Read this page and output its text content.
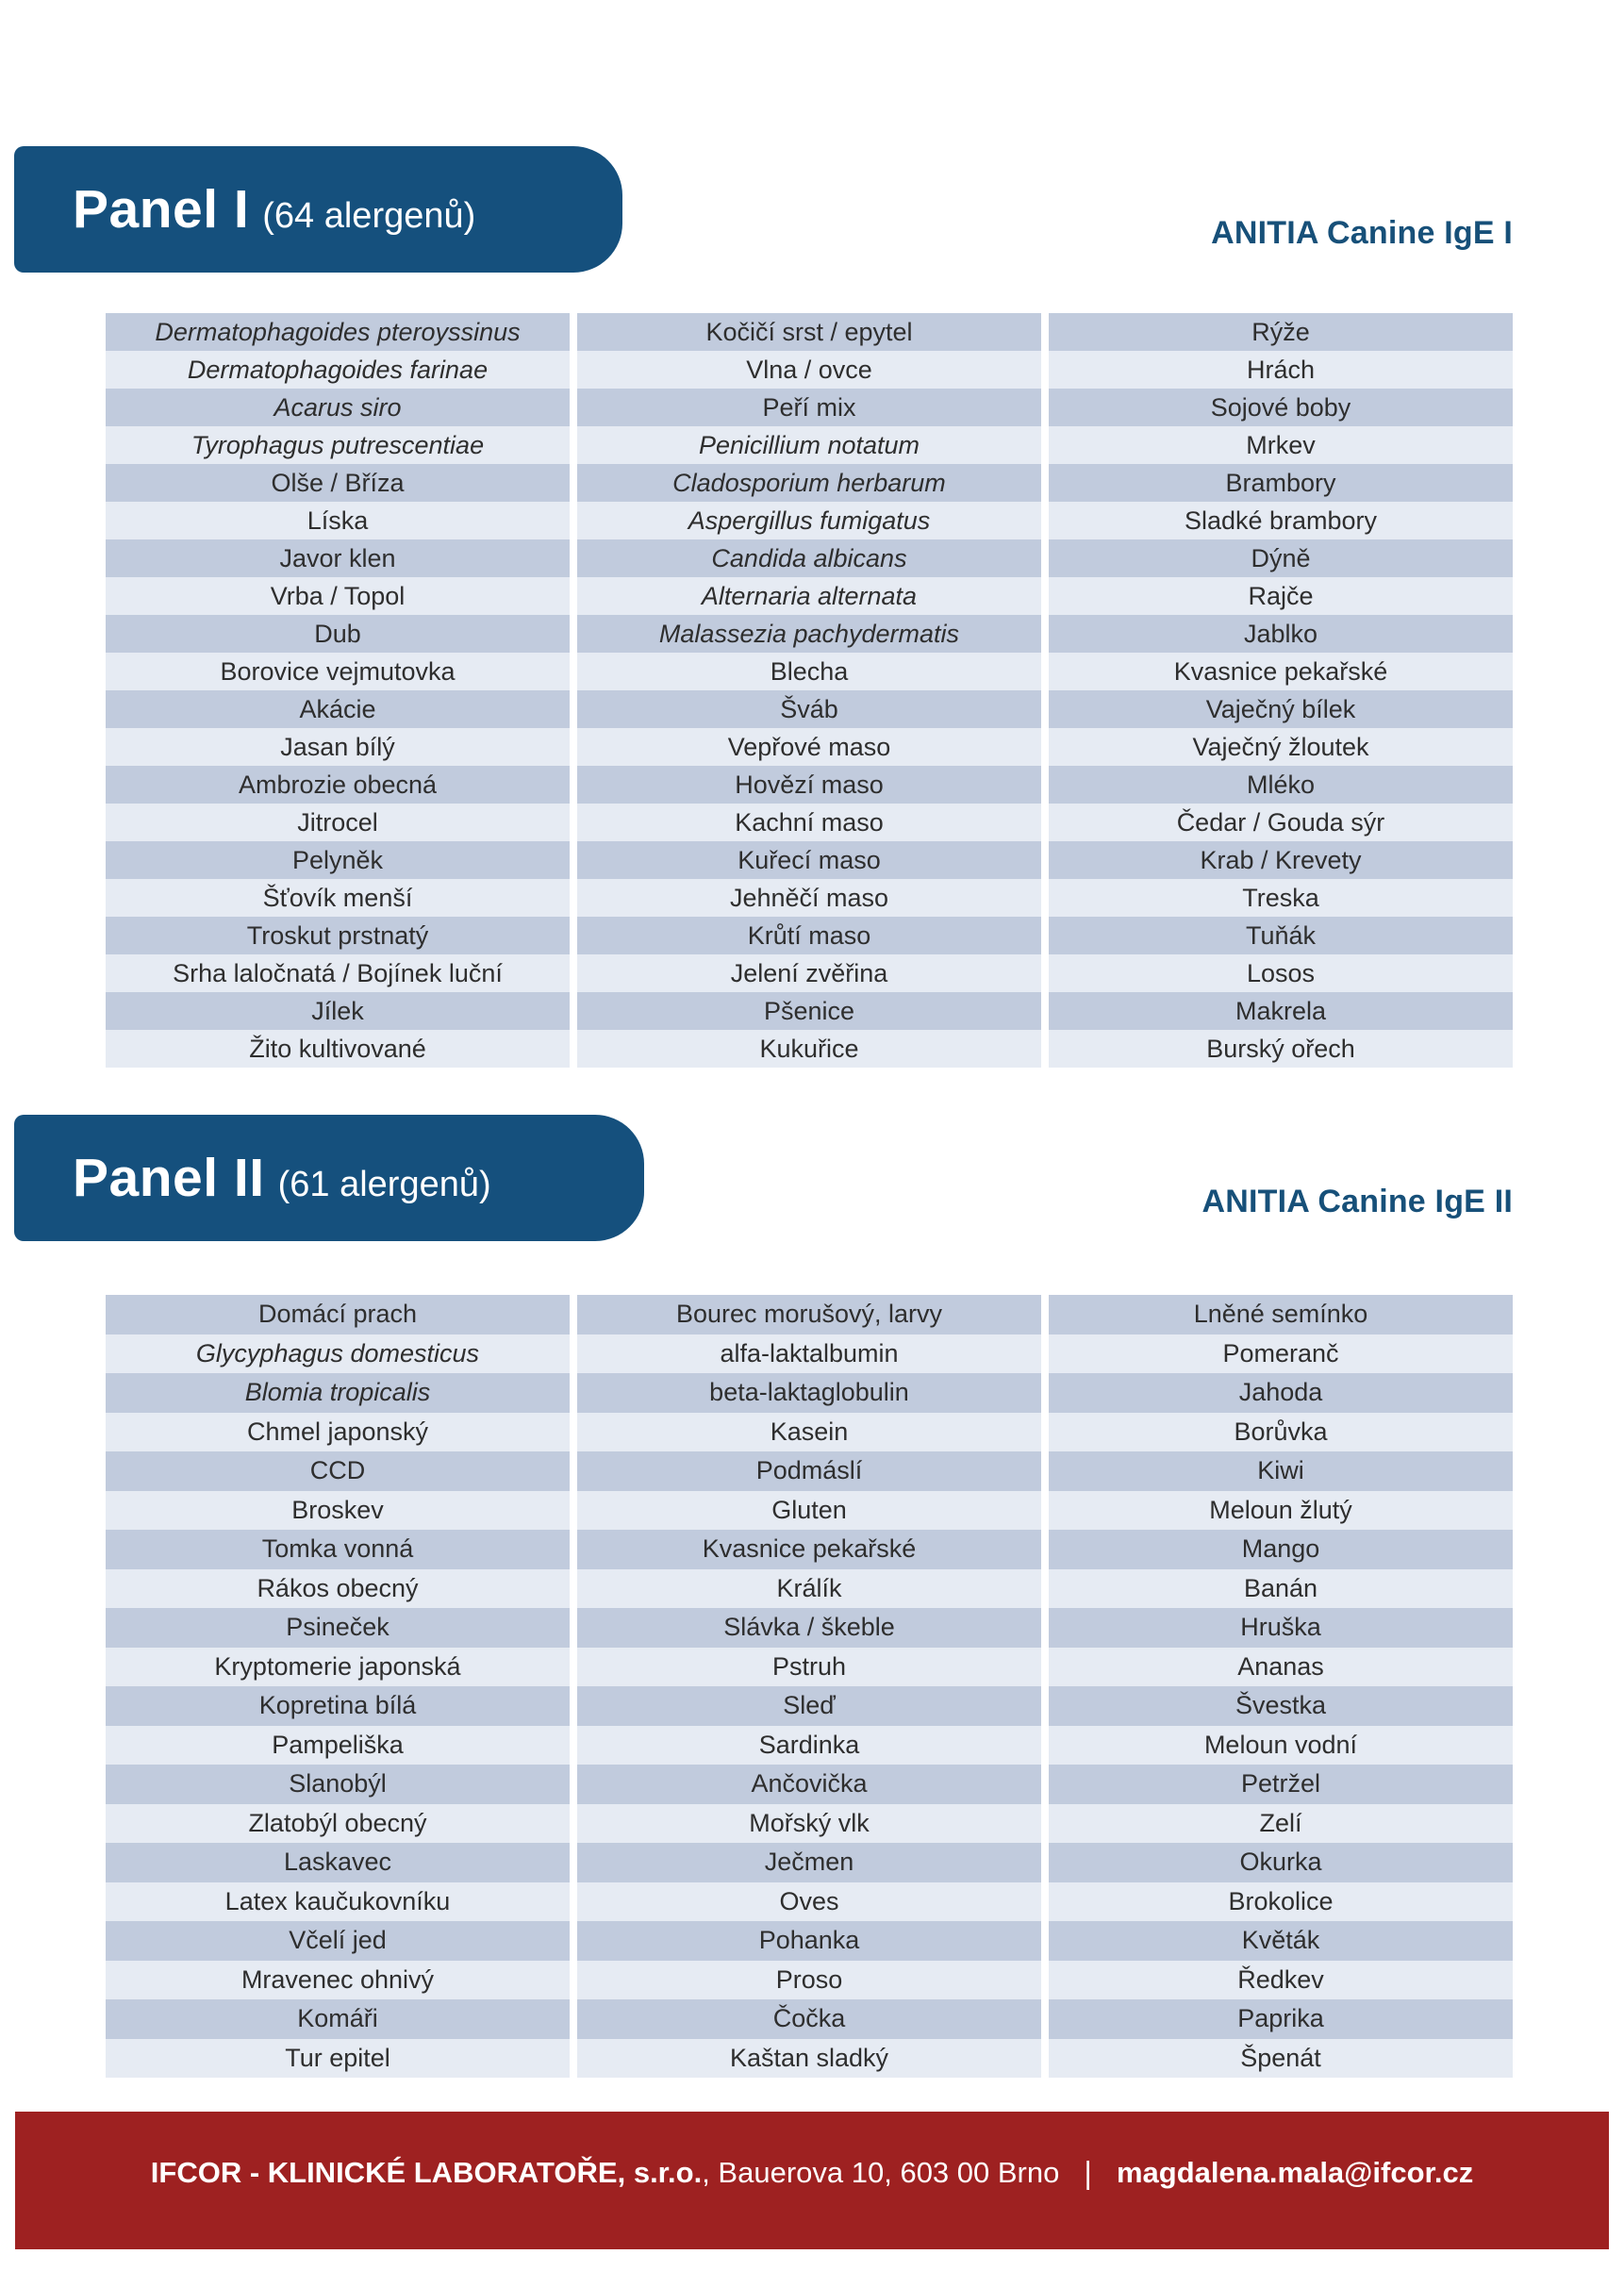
Panel I (64 alergenů)	ANITIA Canine IgE I
Dermatophagoides pteroyssinus
Dermatophagoides farinae
Acarus siro
Tyrophagus putrescentiae
Olše / Bříza
Líska
Javor klen
Vrba / Topol
Dub
Borovice vejmutovka
Akácie
Jasan bílý
Ambrozie obecná
Jitrocel
Pelyněk
Šťovík menší
Troskut prstnatý
Srha laločnatá / Bojínek luční
Jílek
Žito kultivované
Kočičí srst / epytel
Vlna / ovce
Peří mix
Penicillium notatum
Cladosporium herbarum
Aspergillus fumigatus
Candida albicans
Alternaria alternata
Malassezia pachydermatis
Blecha
Šváb
Vepřové maso
Hovězí maso
Kachní maso
Kuřecí maso
Jehněčí maso
Krůtí maso
Jelení zvěřina
Pšenice
Kukuřice
Rýže
Hrách
Sojové boby
Mrkev
Brambory
Sladké brambory
Dýně
Rajče
Jablko
Kvasnice pekařské
Vaječný bílek
Vaječný žloutek
Mléko
Čedar / Gouda sýr
Krab / Krevety
Treska
Tuňák
Losos
Makrela
Burský ořech
Panel II (61 alergenů)	ANITIA Canine IgE II
Domácí prach
Glycyphagus domesticus
Blomia tropicalis
Chmel japonský
CCD
Broskev
Tomka vonná
Rákos obecný
Psineček
Kryptomerie japonská
Kopretina bílá
Pampeliška
Slanobýl
Zlatobýl obecný
Laskavec
Latex kaučukovníku
Včelí jed
Mravenec ohnivý
Komáři
Tur epitel
Bourec morušový, larvy
alfa-laktalbumin
beta-laktaglobulin
Kasein
Podmáslí
Gluten
Kvasnice pekařské
Králík
Slávka / škeble
Pstruh
Sleď
Sardinka
Ančovička
Mořský vlk
Ječmen
Oves
Pohanka
Proso
Čočka
Kaštan sladký
Lněné semínko
Pomeranč
Jahoda
Borůvka
Kiwi
Meloun žlutý
Mango
Banán
Hruška
Ananas
Švestka
Meloun vodní
Petržel
Zelí
Okurka
Brokolice
Květák
Ředkev
Paprika
Špenát
IFCOR - KLINICKÉ LABORATOŘE, s.r.o. , Bauerova 10, 603 00 Brno | magdalena.mala@ifcor.cz
